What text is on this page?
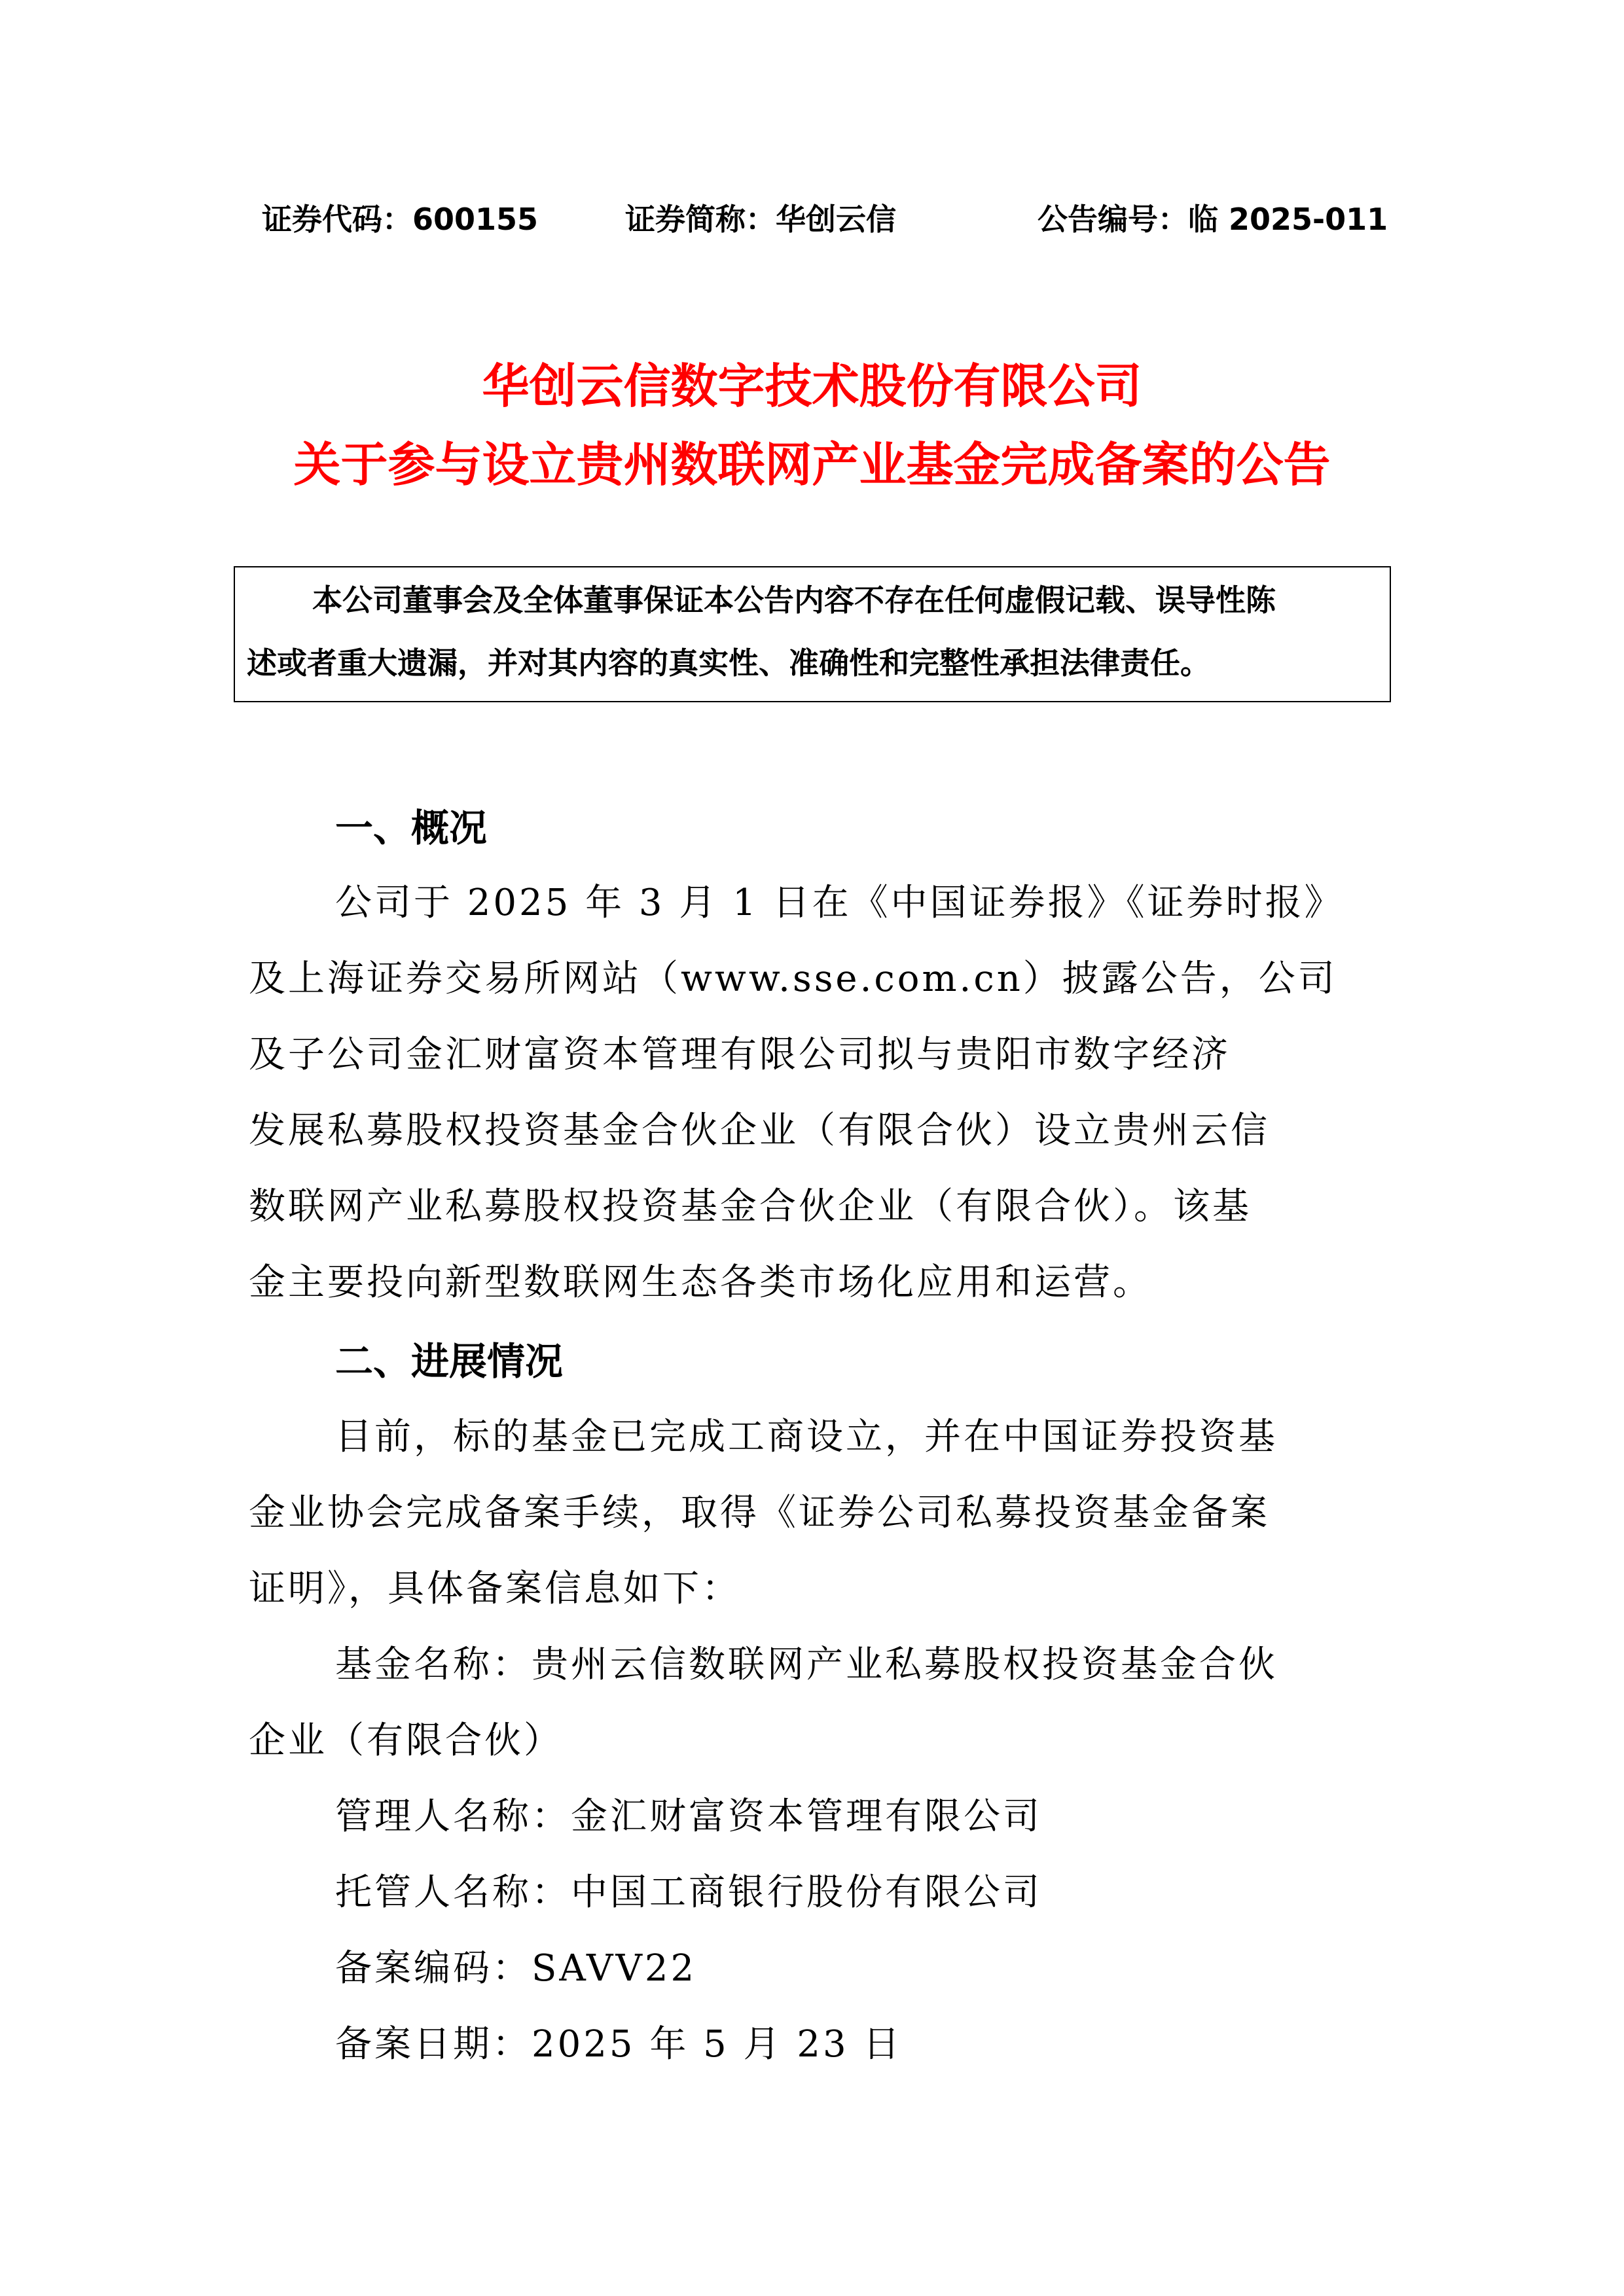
证券代码：600155	证券简称：华创云信	公告编号：临 2025-011
华创云信数字技术股份有限公司
关于参与设立贵州数联网产业基金完成备案的公告
本公司董事会及全体董事保证本公告内容不存在任何虚假记载、误导性陈
述或者重大遗漏，并对其内容的真实性、准确性和完整性承担法律责任。
一、概况
公司于 2025 年 3 月 1 日在《中国证券报》《证券时报》
及上海证券交易所网站（www.sse.com.cn）披露公告，公司
及子公司金汇财富资本管理有限公司拟与贵阳市数字经济
发展私募股权投资基金合伙企业（有限合伙）设立贵州云信
数联网产业私募股权投资基金合伙企业（有限合伙）。该基
金主要投向新型数联网生态各类市场化应用和运营。
二、进展情况
目前，标的基金已完成工商设立，并在中国证券投资基
金业协会完成备案手续，取得《证券公司私募投资基金备案
证明》，具体备案信息如下：
基金名称：贵州云信数联网产业私募股权投资基金合伙
企业（有限合伙）
管理人名称：金汇财富资本管理有限公司
托管人名称：中国工商银行股份有限公司
备案编码：SAVV22
备案日期：2025 年 5 月 23 日
